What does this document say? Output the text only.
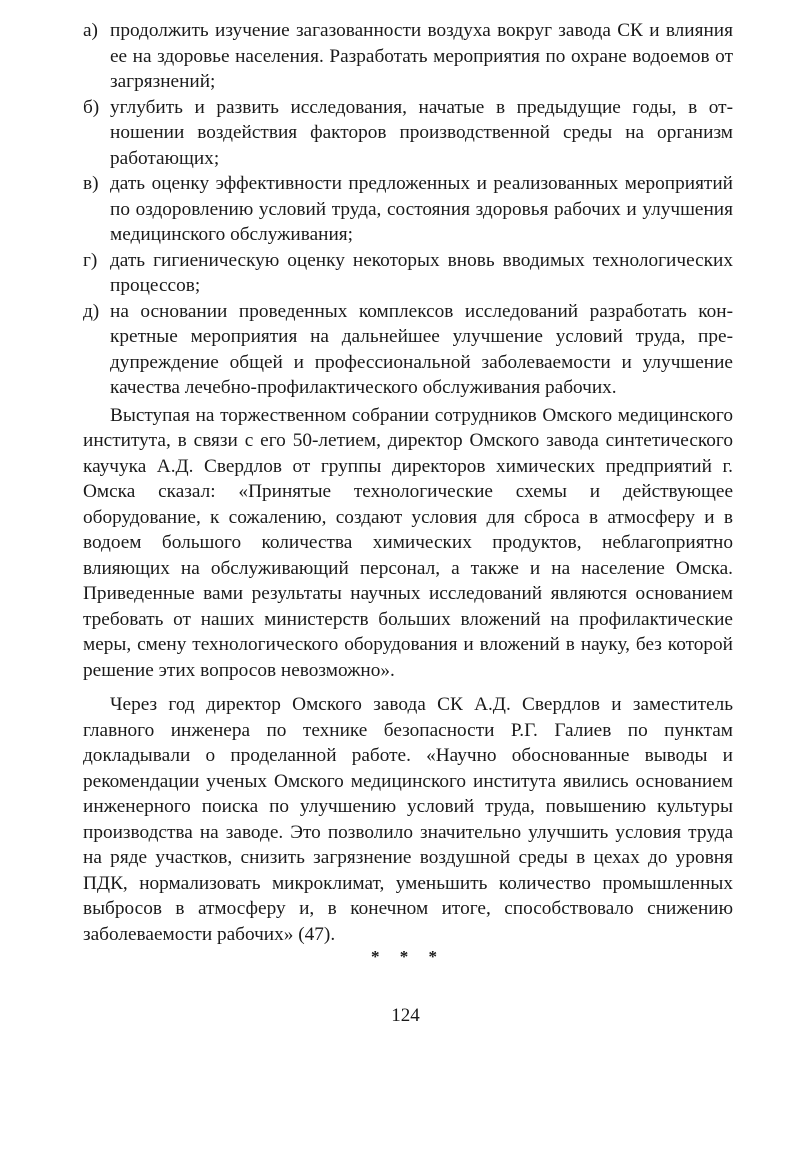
а) продолжить изучение загазованности воздуха вокруг завода СК и влияния ее на здоровье населения. Разработать мероприятия по охране водоемов от загрязнений;
б) углубить и развить исследования, начатые в предыдущие годы, в отношении воздействия факторов производственной среды на организм работающих;
в) дать оценку эффективности предложенных и реализованных мероприятий по оздоровлению условий труда, состояния здоровья рабочих и улучшения медицинского обслуживания;
г) дать гигиеническую оценку некоторых вновь вводимых технологических процессов;
д) на основании проведенных комплексов исследований разработать конкретные мероприятия на дальнейшее улучшение условий труда, предупреждение общей и профессиональной заболеваемости и улучшение качества лечебно-профилактического обслуживания рабочих.

Выступая на торжественном собрании сотрудников Омского медицинского института, в связи с его 50-летием, директор Омского завода синтетического каучука А.Д. Свердлов от группы директоров химических предприятий г. Омска сказал: «Принятые технологические схемы и действующее оборудование, к сожалению, создают условия для сброса в атмосферу и в водоем большого количества химических продуктов, неблагоприятно влияющих на обслуживающий персонал, а также и на население Омска. Приведенные вами результаты научных исследований являются основанием требовать от наших министерств больших вложений на профилактические меры, смену технологического оборудования и вложений в науку, без которой решение этих вопросов невозможно».

Через год директор Омского завода СК А.Д. Свердлов и заместитель главного инженера по технике безопасности Р.Г. Галиев по пунктам докладывали о проделанной работе. «Научно обоснованные выводы и рекомендации ученых Омского медицинского института явились основанием инженерного поиска по улучшению условий труда, повышению культуры производства на заводе. Это позволило значительно улучшить условия труда на ряде участков, снизить загрязнение воздушной среды в цехах до уровня ПДК, нормализовать микроклимат, уменьшить количество промышленных выбросов в атмосферу и, в конечном итоге, способствовало снижению заболеваемости рабочих» (47).

* * *
124
